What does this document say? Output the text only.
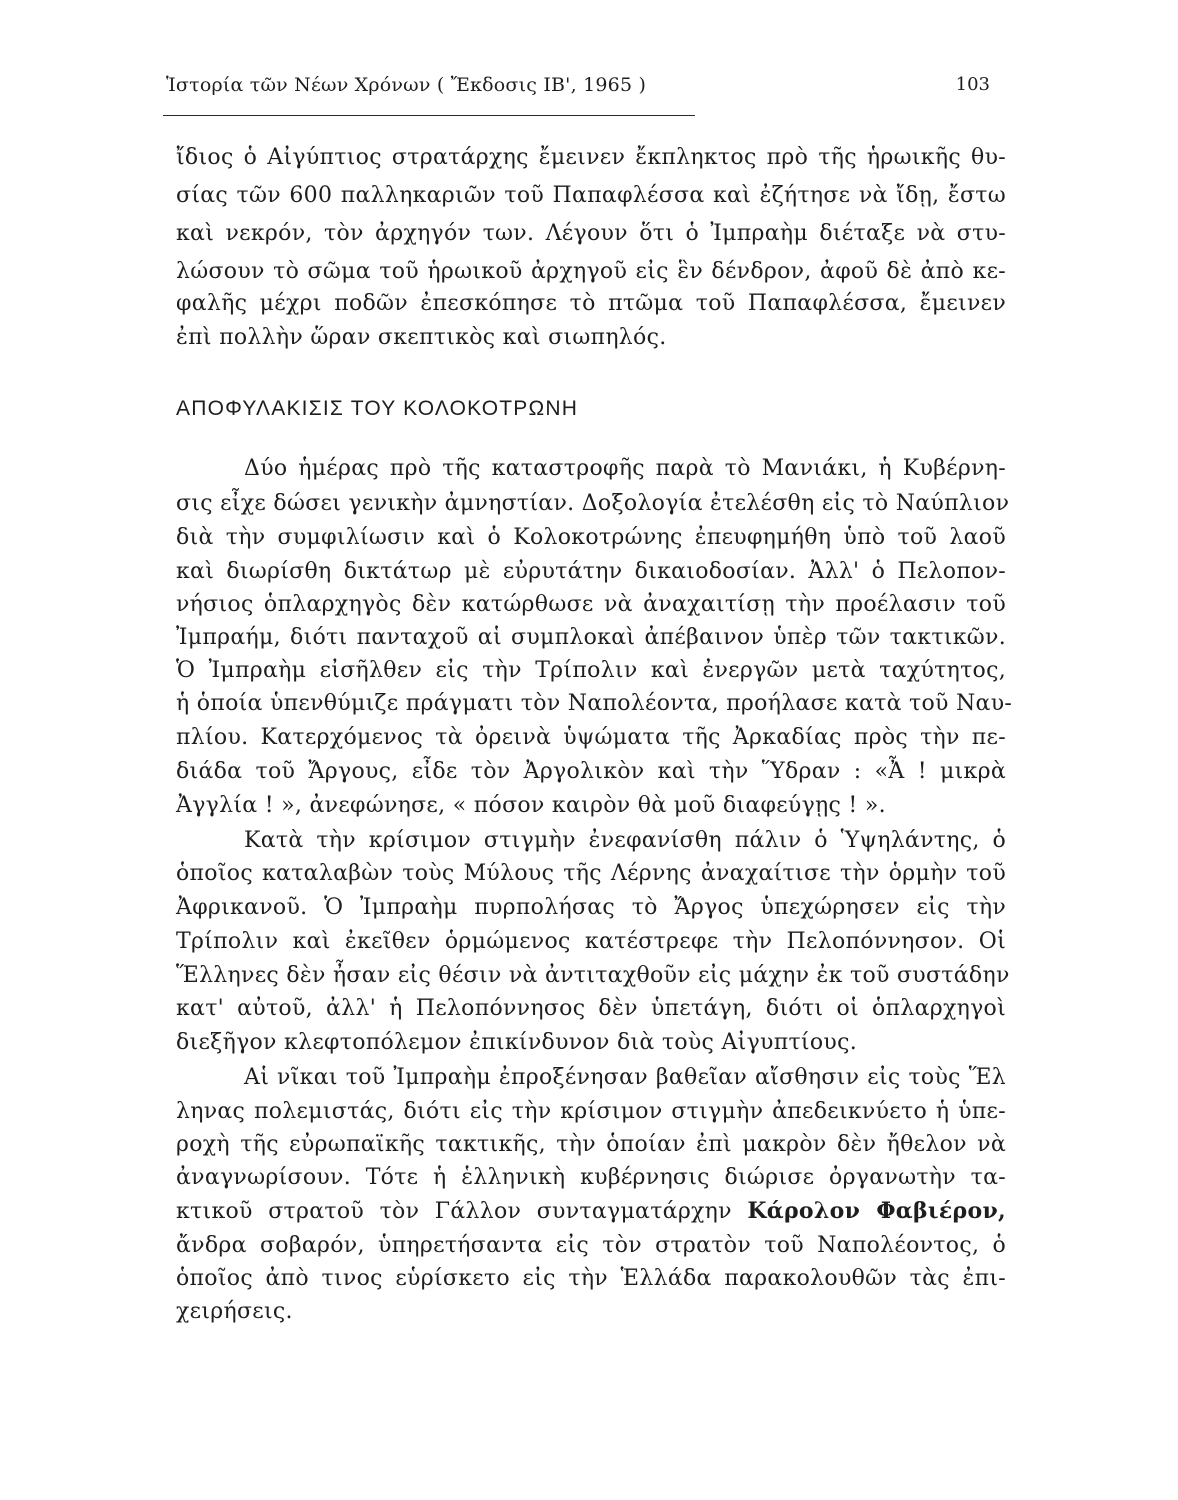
Ἱστορία τῶν Νέων Χρόνων ( Ἔκδοσις ΙΒ', 1965 )	103
ἴδιος ὁ Αἰγύπτιος στρατάρχης ἔμεινεν ἔκπληκτος πρὸ τῆς ἡρωικῆς θυ-
σίας τῶν 600 παλληκαριῶν τοῦ Παπαφλέσσα καὶ ἐζήτησε νὰ ἴδῃ, ἔστω
καὶ νεκρόν, τὸν ἀρχηγόν των. Λέγουν ὅτι ὁ Ἰμπραὴμ διέταξε νὰ στυ-
λώσουν τὸ σῶμα τοῦ ἡρωικοῦ ἀρχηγοῦ εἰς ἓν δένδρον, ἀφοῦ δὲ ἀπὸ κε-
φαλῆς μέχρι ποδῶν ἐπεσκόπησε τὸ πτῶμα τοῦ Παπαφλέσσα, ἔμεινεν
ἐπὶ πολλὴν ὥραν σκεπτικὸς καὶ σιωπηλός.
ΑΠΟΦΥΛΑΚΙΣΙΣ ΤΟΥ ΚΟΛΟΚΟΤΡΩΝΗ
Δύο ἡμέρας πρὸ τῆς καταστροφῆς παρὰ τὸ Μανιάκι, ἡ Κυβέρνη-
σις εἶχε δώσει γενικὴν ἀμνηστίαν. Δοξολογία ἐτελέσθη εἰς τὸ Ναύπλιον
διὰ τὴν συμφιλίωσιν καὶ ὁ Κολοκοτρώνης ἐπευφημήθη ὑπὸ τοῦ λαοῦ
καὶ διωρίσθη δικτάτωρ μὲ εὐρυτάτην δικαιοδοσίαν. Ἀλλ' ὁ Πελοπον-
νήσιος ὁπλαρχηγὸς δὲν κατώρθωσε νὰ ἀναχαιτίσῃ τὴν προέλασιν τοῦ
Ἰμπραήμ, διότι πανταχοῦ αἱ συμπλοκαὶ ἀπέβαινον ὑπὲρ τῶν τακτικῶν.
Ὁ Ἰμπραὴμ εἰσῆλθεν εἰς τὴν Τρίπολιν καὶ ἐνεργῶν μετὰ ταχύτητος,
ἡ ὁποία ὑπενθύμιζε πράγματι τὸν Ναπολέοντα, προήλασε κατὰ τοῦ Ναυ-
πλίου. Κατερχόμενος τὰ ὀρεινὰ ὑψώματα τῆς Ἀρκαδίας πρὸς τὴν πε-
διάδα τοῦ Ἄργους, εἶδε τὸν Ἀργολικὸν καὶ τὴν Ὕδραν : «Ἆ ! μικρὰ
Ἀγγλία ! », ἀνεφώνησε, « πόσον καιρὸν θὰ μοῦ διαφεύγῃς ! ».
Κατὰ τὴν κρίσιμον στιγμὴν ἐνεφανίσθη πάλιν ὁ Ὑψηλάντης, ὁ
ὁποῖος καταλαβὼν τοὺς Μύλους τῆς Λέρνης ἀναχαίτισε τὴν ὁρμὴν τοῦ
Ἀφρικανοῦ. Ὁ Ἰμπραὴμ πυρπολήσας τὸ Ἄργος ὑπεχώρησεν εἰς τὴν
Τρίπολιν καὶ ἐκεῖθεν ὁρμώμενος κατέστρεφε τὴν Πελοπόννησον. Οἱ
Ἕλληνες δὲν ἦσαν εἰς θέσιν νὰ ἀντιταχθοῦν εἰς μάχην ἐκ τοῦ συστάδην
κατ' αὐτοῦ, ἀλλ' ἡ Πελοπόννησος δὲν ὑπετάγη, διότι οἱ ὁπλαρχηγοὶ
διεξῆγον κλεφτοπόλεμον ἐπικίνδυνον διὰ τοὺς Αἰγυπτίους.
Αἱ νῖκαι τοῦ Ἰμπραὴμ ἐπροξένησαν βαθεῖαν αἴσθησιν εἰς τοὺς Ἕλ
ληνας πολεμιστάς, διότι εἰς τὴν κρίσιμον στιγμὴν ἀπεδεικνύετο ἡ ὑπε-
ροχὴ τῆς εὐρωπαϊκῆς τακτικῆς, τὴν ὁποίαν ἐπὶ μακρὸν δὲν ἤθελον νὰ
ἀναγνωρίσουν. Τότε ἡ ἑλληνικὴ κυβέρνησις διώρισε ὀργανωτὴν τα-
κτικοῦ στρατοῦ τὸν Γάλλον συνταγματάρχην Κάρολον Φαβιέρον,
ἄνδρα σοβαρόν, ὑπηρετήσαντα εἰς τὸν στρατὸν τοῦ Ναπολέοντος, ὁ
ὁποῖος ἀπὸ τινος εὑρίσκετο εἰς τὴν Ἑλλάδα παρακολουθῶν τὰς ἐπι-
χειρήσεις.
